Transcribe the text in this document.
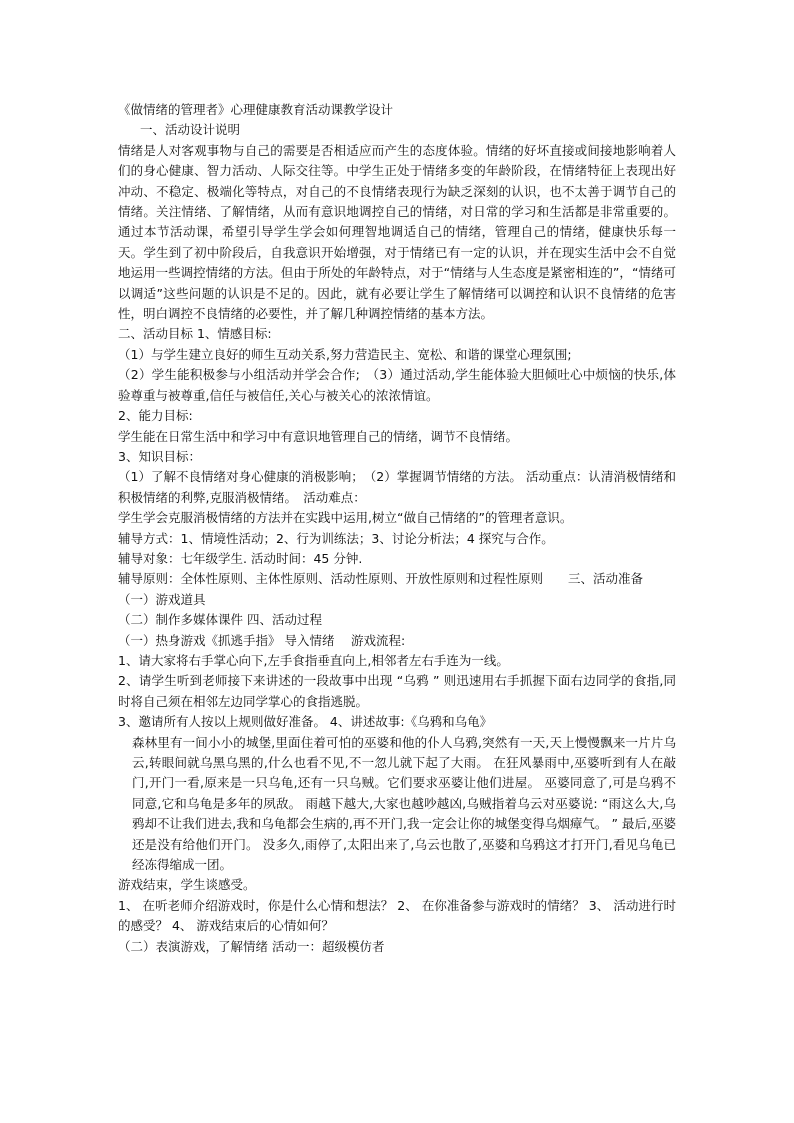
《做情绪的管理者》心理健康教育活动课教学设计

一、活动设计说明

情绪是人对客观事物与自己的需要是否相适应而产生的态度体验。情绪的好坏直接或间接地影响着人们的身心健康、智力活动、人际交往等。中学生正处于情绪多变的年龄阶段，在情绪特征上表现出好冲动、不稳定、极端化等特点，对自己的不良情绪表现行为缺乏深刻的认识，也不太善于调节自己的情绪。关注情绪、了解情绪，从而有意识地调控自己的情绪，对日常的学习和生活都是非常重要的。通过本节活动课，希望引导学生学会如何理智地调适自己的情绪，管理自己的情绪，健康快乐每一天。学生到了初中阶段后，自我意识开始增强，对于情绪已有一定的认识，并在现实生活中会不自觉地运用一些调控情绪的方法。但由于所处的年龄特点，对于“情绪与人生态度是紧密相连的”，“情绪可以调适”这些问题的认识是不足的。因此，就有必要让学生了解情绪可以调控和认识不良情绪的危害性，明白调控不良情绪的必要性，并了解几种调控情绪的基本方法。

二、活动目标 1、情感目标:

（1）与学生建立良好的师生互动关系,努力营造民主、宽松、和谐的课堂心理氛围;

（2）学生能积极参与小组活动并学会合作;　（3）通过活动,学生能体验大胆倾吐心中烦恼的快乐,体验尊重与被尊重,信任与被信任,关心与被关心的浓浓情谊。

2、能力目标:

学生能在日常生活中和学习中有意识地管理自己的情绪，调节不良情绪。

3、知识目标：

（1）了解不良情绪对身心健康的消极影响；　（2）掌握调节情绪的方法。 活动重点：认清消极情绪和积极情绪的利弊,克服消极情绪。　活动难点：

学生学会克服消极情绪的方法并在实践中运用,树立“做自己情绪的”的管理者意识。

辅导方式：1、情境性活动；2、行为训练法；3、讨论分析法；4 探究与合作。

辅导对象：七年级学生. 活动时间：45 分钟.

辅导原则：全体性原则、主体性原则、活动性原则、开放性原则和过程性原则　　三、活动准备

（一）游戏道具

（二）制作多媒体课件 四、活动过程

（一）热身游戏《抓逃手指》 导入情绪　 游戏流程:

1、请大家将右手掌心向下,左手食指垂直向上,相邻者左右手连为一线。

2、请学生听到老师接下来讲述的一段故事中出现 “乌鸦 ” 则迅速用右手抓握下面右边同学的食指,同时将自己须在相邻左边同学掌心的食指逃脱。

3、邀请所有人按以上规则做好准备。 4、讲述故事:《乌鸦和乌龟》

森林里有一间小小的城堡,里面住着可怕的巫婆和他的仆人乌鸦,突然有一天,天上慢慢飘来一片片乌云,转眼间就乌黑乌黑的,什么也看不见,不一忽儿就下起了大雨。 在狂风暴雨中,巫婆听到有人在敲门,开门一看,原来是一只乌龟,还有一只乌贼。它们要求巫婆让他们进屋。 巫婆同意了,可是乌鸦不同意,它和乌龟是多年的夙敌。 雨越下越大,大家也越吵越凶,乌贼指着乌云对巫婆说: “雨这么大,乌鸦却不让我们进去,我和乌龟都会生病的,再不开门,我一定会让你的城堡变得乌烟瘴气。 ” 最后,巫婆还是没有给他们开门。 没多久,雨停了,太阳出来了,乌云也散了,巫婆和乌鸦这才打开门,看见乌龟已经冻得缩成一团。

游戏结束，学生谈感受。

1、 在听老师介绍游戏时，你是什么心情和想法？ 2、 在你准备参与游戏时的情绪？ 3、 活动进行时的感受？ 4、 游戏结束后的心情如何？

（二）表演游戏，了解情绪 活动一：超级模仿者
